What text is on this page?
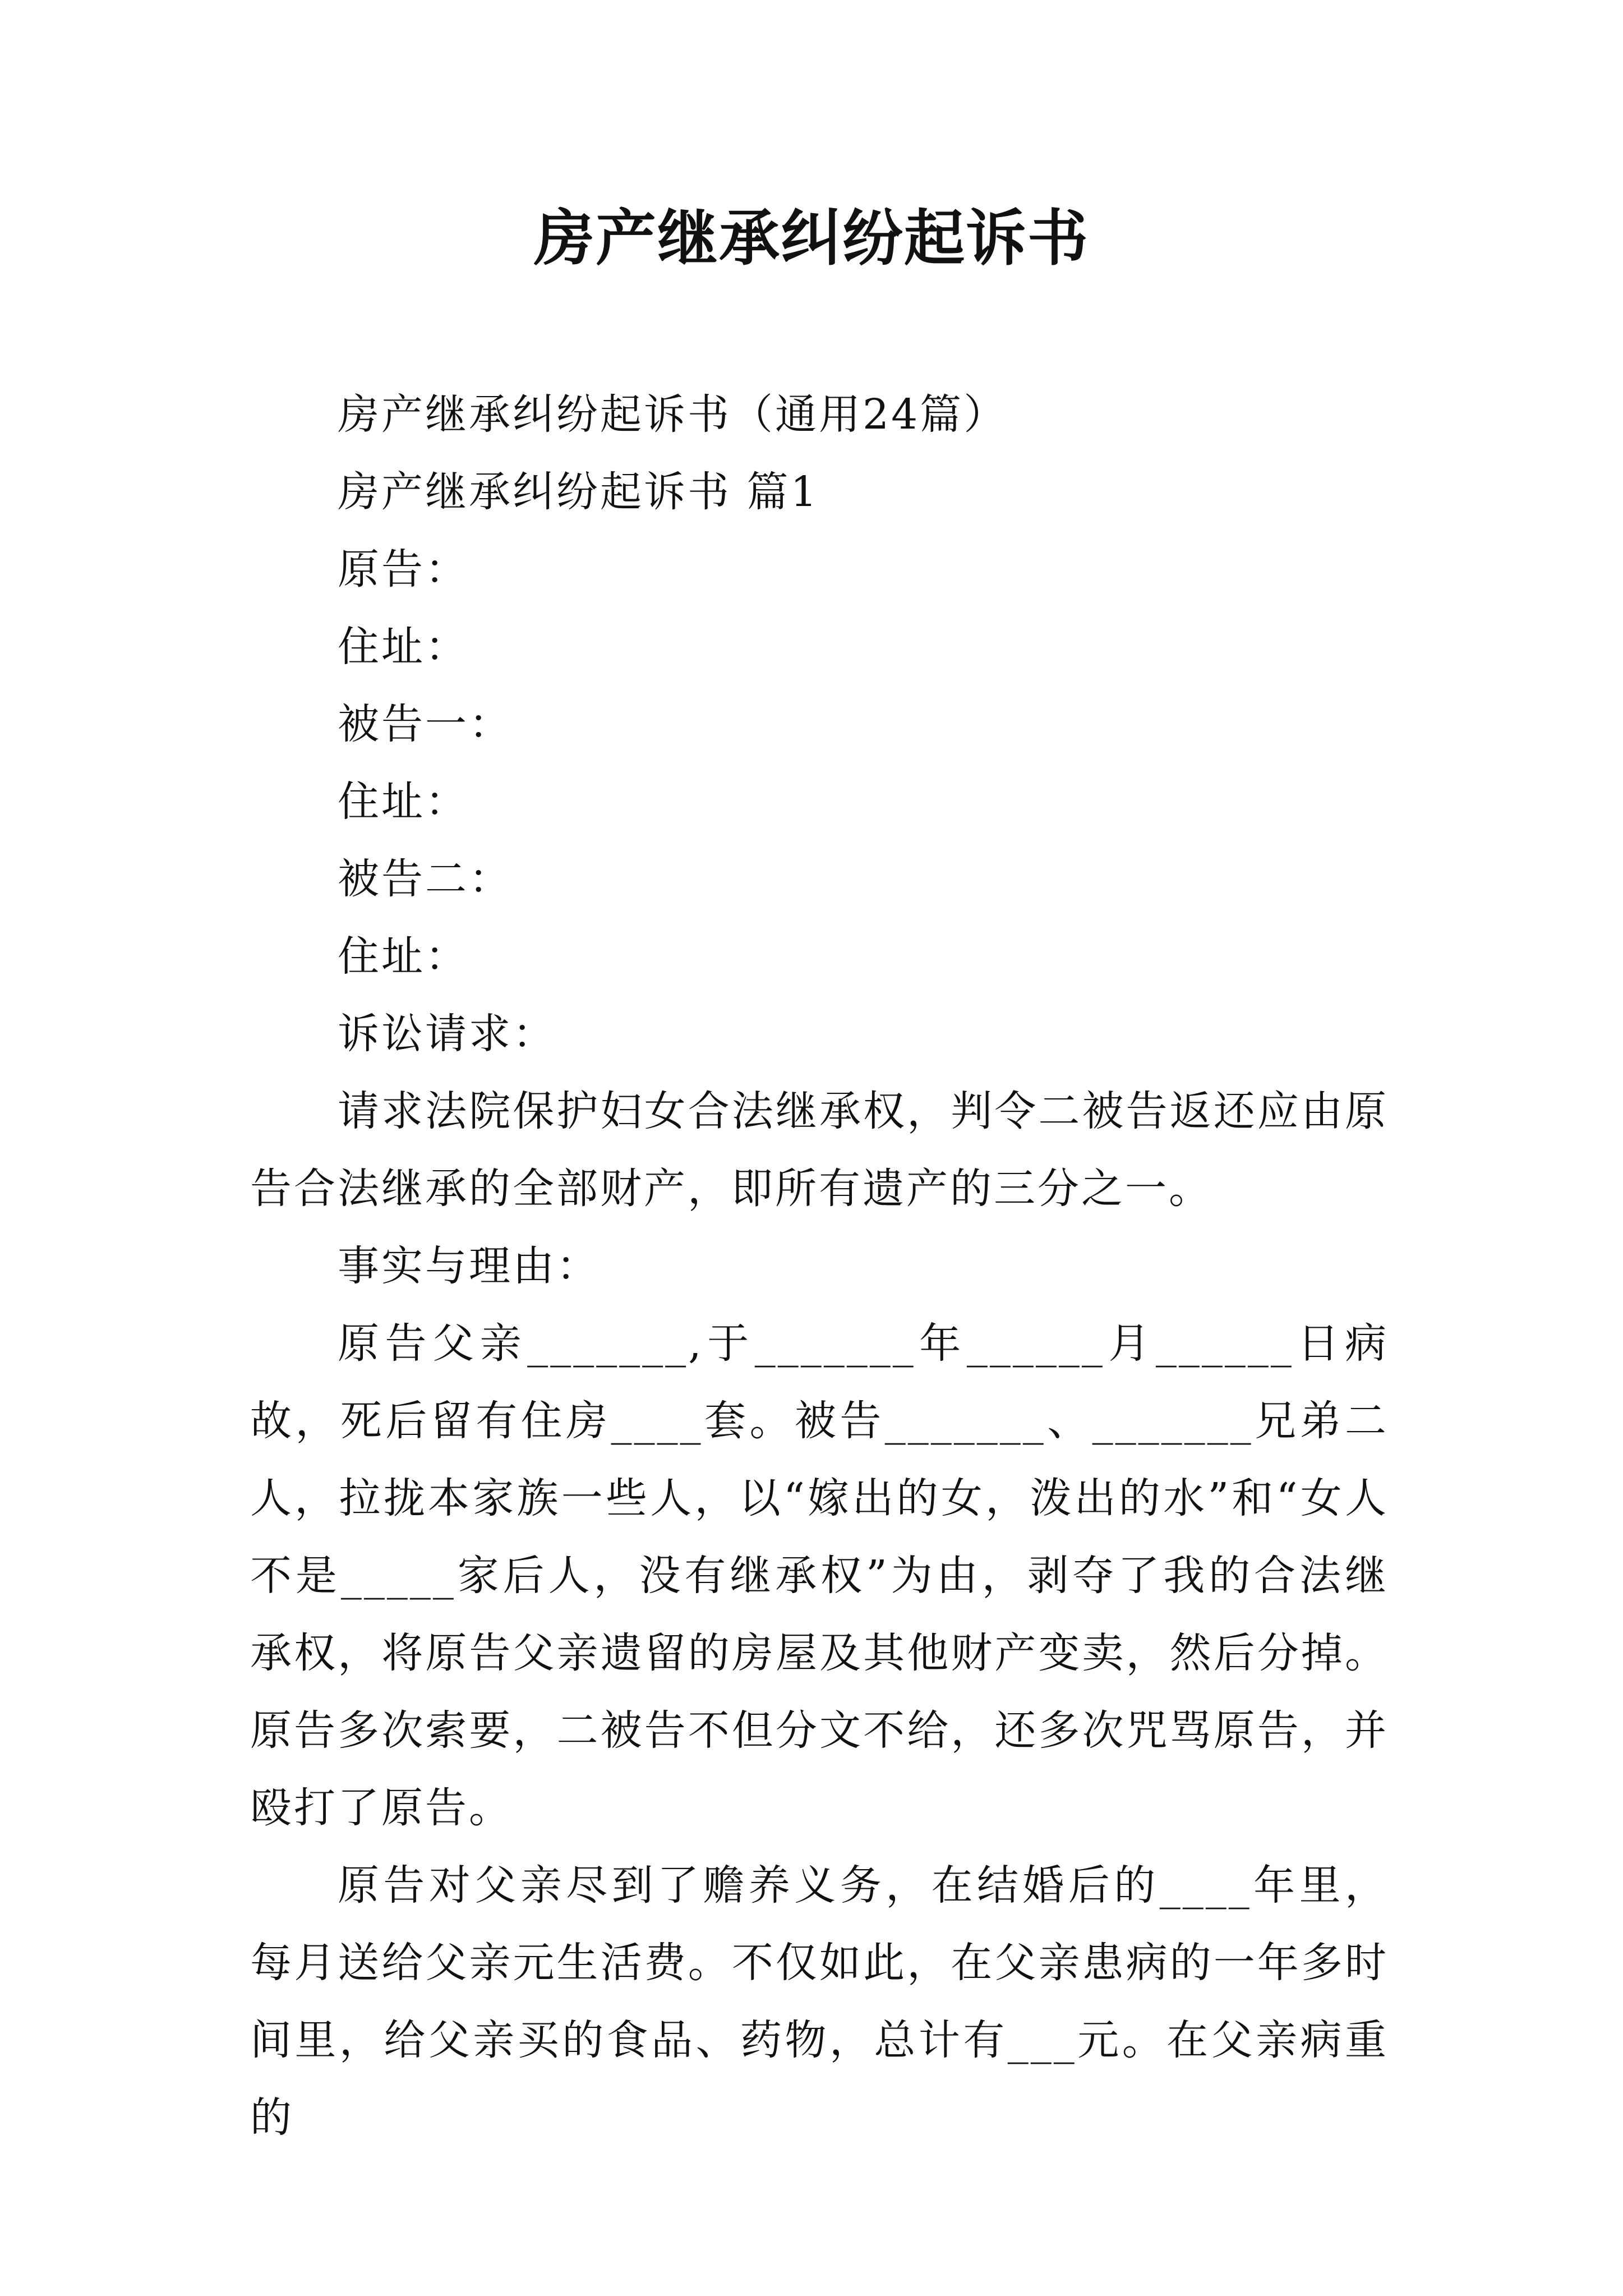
房产继承纠纷起诉书

房产继承纠纷起诉书（通用24篇）

房产继承纠纷起诉书 篇1

原告：

住址：

被告一：

住址：

被告二：

住址：

诉讼请求：

请求法院保护妇女合法继承权，判令二被告返还应由原告合法继承的全部财产，即所有遗产的三分之一。

事实与理由：

原告父亲_______,于_______年______月______日病故，死后留有住房____套。被告_______、_______兄弟二人，拉拢本家族一些人，以“嫁出的女，泼出的水”和“女人不是_____家后人，没有继承权”为由，剥夺了我的合法继承权，将原告父亲遗留的房屋及其他财产变卖，然后分掉。原告多次索要，二被告不但分文不给，还多次咒骂原告，并殴打了原告。

原告对父亲尽到了赡养义务，在结婚后的____年里，每月送给父亲元生活费。不仅如此，在父亲患病的一年多时间里，给父亲买的食品、药物，总计有___元。在父亲病重的
